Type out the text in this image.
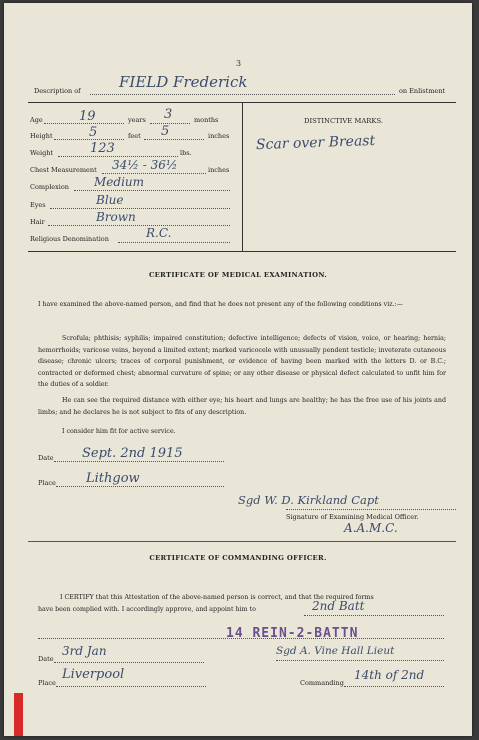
3
Description of	FIELD Frederick	on Enlistment
Age	19	years 3	months
Height	5	feet 5	inches
Weight	123	lbs.
Chest Measurement 34½ - 36½	inches
Complexion Medium
Eyes	Blue
Hair	Brown
Religious Denomination	R.C.
DISTINCTIVE MARKS.
Scar over Breast
CERTIFICATE OF MEDICAL EXAMINATION.
I have examined the above-named person, and find that he does not present any of the following conditions viz.:—
Scrofula; phthisis; syphilis; impaired constitution; defective intelligence; defects of vision, voice, or hearing; hernia; hemorrhoids; varicose veins, beyond a limited extent; marked varicocele with unusually pendent testicle; inveterate cutaneous disease; chronic ulcers; traces of corporal punishment, or evidence of having been marked with the letters D. or B.C.; contracted or deformed chest; abnormal curvature of spine; or any other disease or physical defect calculated to unfit him for the duties of a soldier.
He can see the required distance with either eye; his heart and lungs are healthy; he has the free use of his joints and limbs; and he declares he is not subject to fits of any description.
I consider him fit for active service.
Date Sept. 2nd 1915
Place Lithgow
Sgd W. D. Kirkland Capt
Signature of Examining Medical Officer.
A.A.M.C.
CERTIFICATE OF COMMANDING OFFICER.
I CERTIFY that this Attestation of the above-named person is correct, and that the required forms
have been complied with. I accordingly approve, and appoint him to	2nd Batt
14 REIN-2-BATTN
Date
3rd Jan	Sgd A. Vine Hall Lieut
Place
Liverpool
Commanding
14th of 2nd
